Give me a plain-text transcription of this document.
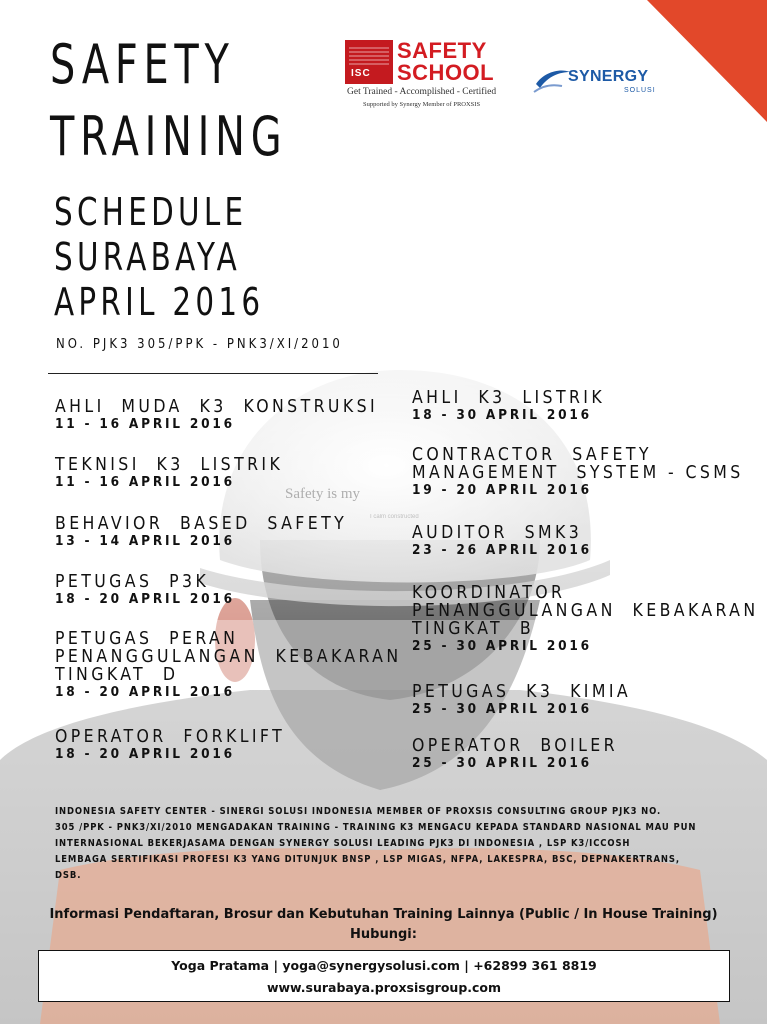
ISC
SAFETY
SCHOOL
Get Trained - Accomplished - Certified
Supported by Synergy Member of PROXSIS
SYNERGY
SOLUSI
SAFETY
TRAINING
SCHEDULE
SURABAYA
APRIL 2016
NO. PJK3 305/PPK - PNK3/XI/2010
AHLI  MUDA  K3  KONSTRUKSI
11 - 16 APRIL 2016
TEKNISI  K3  LISTRIK
11 - 16 APRIL 2016
BEHAVIOR  BASED  SAFETY
13 - 14 APRIL 2016
PETUGAS  P3K
18 - 20 APRIL 2016
PETUGAS  PERAN
PENANGGULANGAN  KEBAKARAN
TINGKAT  D
18 - 20 APRIL 2016
OPERATOR  FORKLIFT
18 - 20 APRIL 2016
AHLI  K3  LISTRIK
18 - 30 APRIL 2016
CONTRACTOR  SAFETY
MANAGEMENT  SYSTEM - CSMS
19 - 20 APRIL 2016
AUDITOR  SMK3
23 - 26 APRIL 2016
KOORDINATOR
PENANGGULANGAN  KEBAKARAN
TINGKAT  B
25 - 30 APRIL 2016
PETUGAS  K3  KIMIA
25 - 30 APRIL 2016
OPERATOR  BOILER
25 - 30 APRIL 2016
INDONESIA SAFETY CENTER - SINERGI SOLUSI INDONESIA MEMBER OF PROXSIS CONSULTING GROUP PJK3 NO.
305 /PPK - PNK3/XI/2010 MENGADAKAN TRAINING - TRAINING K3 MENGACU KEPADA STANDARD NASIONAL MAU PUN
INTERNASIONAL BEKERJASAMA DENGAN SYNERGY SOLUSI LEADING PJK3 DI INDONESIA , LSP K3/ICCOSH
LEMBAGA SERTIFIKASI PROFESI K3 YANG DITUNJUK BNSP , LSP MIGAS, NFPA, LAKESPRA, BSC, DEPNAKERTRANS,
DSB.
Informasi Pendaftaran, Brosur dan Kebutuhan Training Lainnya (Public / In House Training)
Hubungi:
Yoga Pratama | yoga@synergysolusi.com | +62899 361 8819
www.surabaya.proxsisgroup.com
